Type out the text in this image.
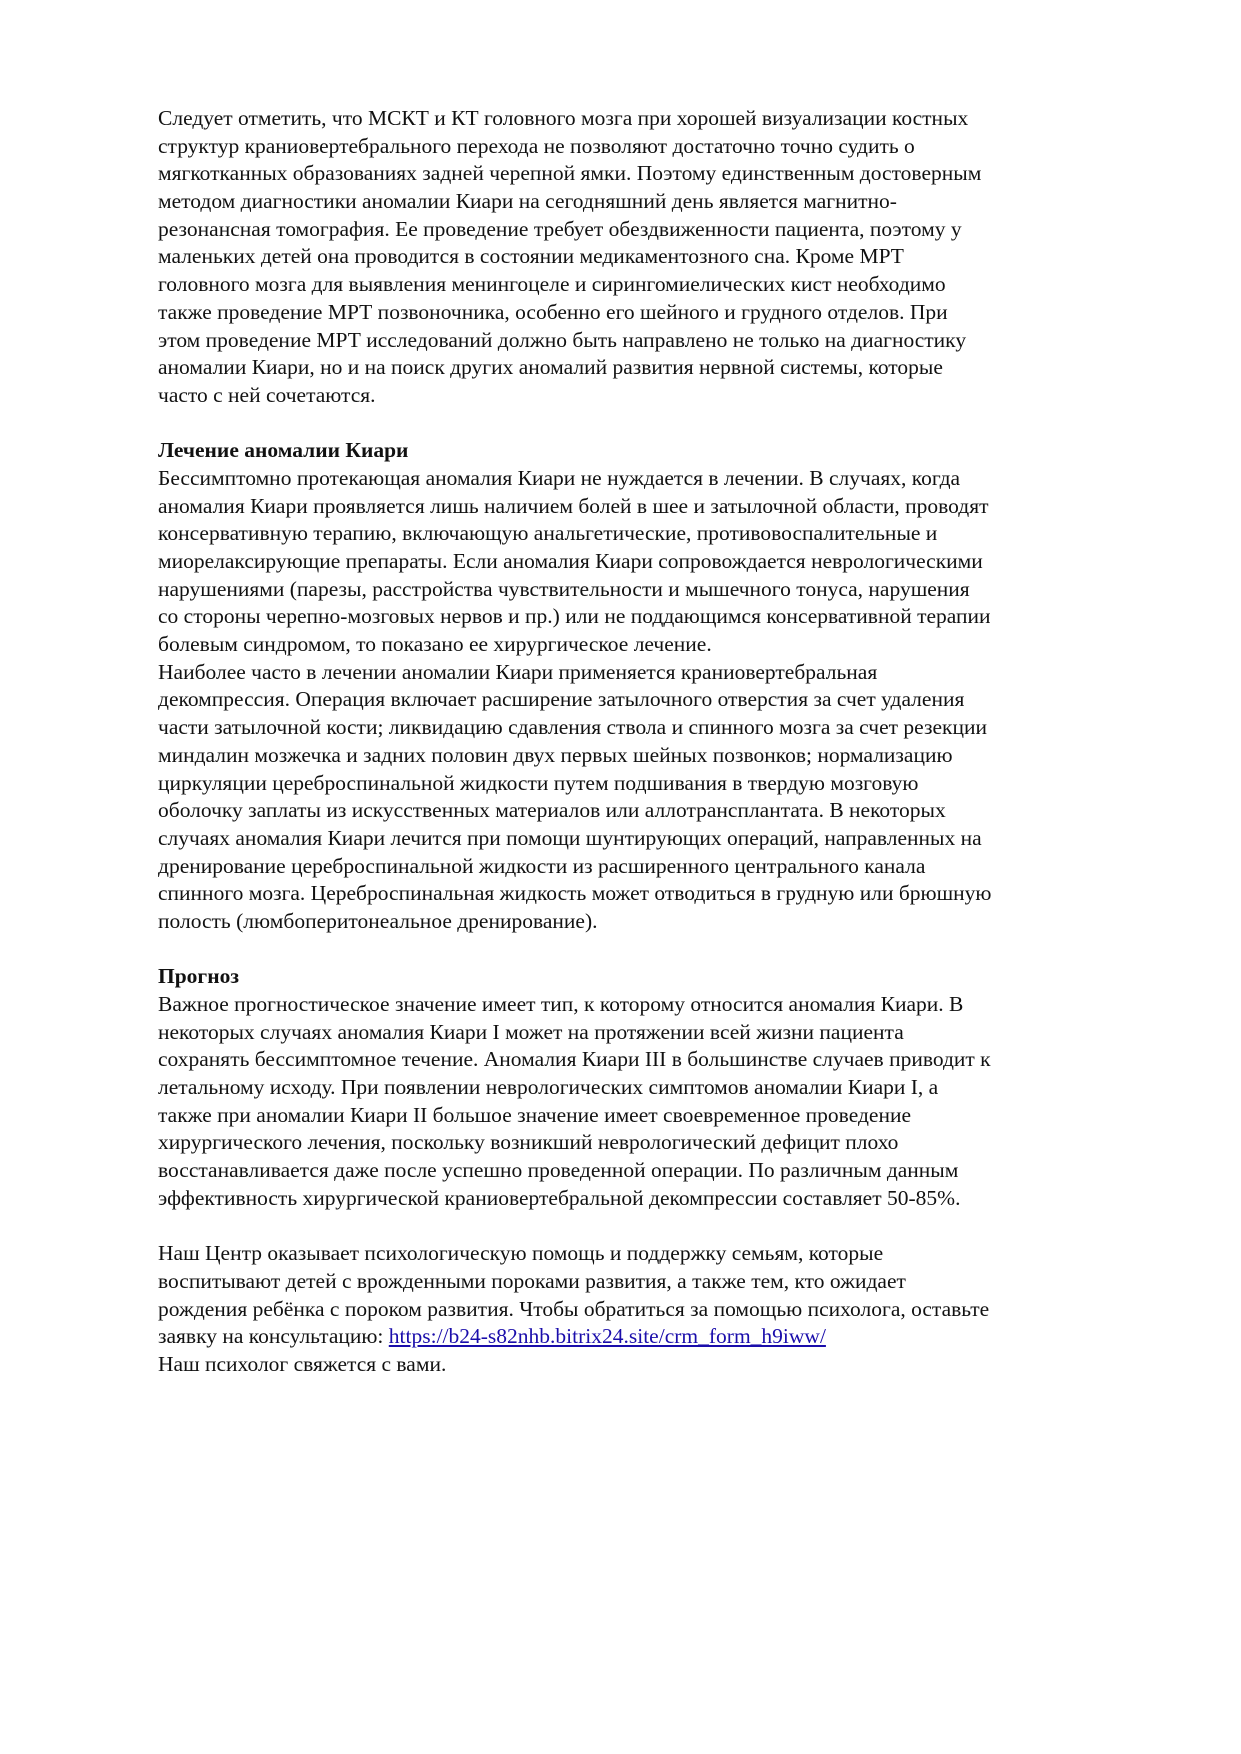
Следует отметить, что МСКТ и КТ головного мозга при хорошей визуализации костных
структур краниовертебрального перехода не позволяют достаточно точно судить о
мягкотканных образованиях задней черепной ямки. Поэтому единственным достоверным
методом диагностики аномалии Киари на сегодняшний день является магнитно-
резонансная томография. Ее проведение требует обездвиженности пациента, поэтому у
маленьких детей она проводится в состоянии медикаментозного сна. Кроме МРТ
головного мозга для выявления менингоцеле и сирингомиелических кист необходимо
также проведение МРТ позвоночника, особенно его шейного и грудного отделов. При
этом проведение МРТ исследований должно быть направлено не только на диагностику
аномалии Киари, но и на поиск других аномалий развития нервной системы, которые
часто с ней сочетаются.
Лечение аномалии Киари
Бессимптомно протекающая аномалия Киари не нуждается в лечении. В случаях, когда
аномалия Киари проявляется лишь наличием болей в шее и затылочной области, проводят
консервативную терапию, включающую анальгетические, противовоспалительные и
миорелаксирующие препараты. Если аномалия Киари сопровождается неврологическими
нарушениями (парезы, расстройства чувствительности и мышечного тонуса, нарушения
со стороны черепно-мозговых нервов и пр.) или не поддающимся консервативной терапии
болевым синдромом, то показано ее хирургическое лечение.
Наиболее часто в лечении аномалии Киари применяется краниовертебральная
декомпрессия. Операция включает расширение затылочного отверстия за счет удаления
части затылочной кости; ликвидацию сдавления ствола и спинного мозга за счет резекции
миндалин мозжечка и задних половин двух первых шейных позвонков; нормализацию
циркуляции цереброспинальной жидкости путем подшивания в твердую мозговую
оболочку заплаты из искусственных материалов или аллотрансплантата. В некоторых
случаях аномалия Киари лечится при помощи шунтирующих операций, направленных на
дренирование цереброспинальной жидкости из расширенного центрального канала
спинного мозга. Цереброспинальная жидкость может отводиться в грудную или брюшную
полость (люмбоперитонеальное дренирование).
Прогноз
Важное прогностическое значение имеет тип, к которому относится аномалия Киари. В
некоторых случаях аномалия Киари I может на протяжении всей жизни пациента
сохранять бессимптомное течение. Аномалия Киари III в большинстве случаев приводит к
летальному исходу. При появлении неврологических симптомов аномалии Киари I, а
также при аномалии Киари II большое значение имеет своевременное проведение
хирургического лечения, поскольку возникший неврологический дефицит плохо
восстанавливается даже после успешно проведенной операции. По различным данным
эффективность хирургической краниовертебральной декомпрессии составляет 50-85%.
Наш Центр оказывает психологическую помощь и поддержку семьям, которые
воспитывают детей с врожденными пороками развития, а также тем, кто ожидает
рождения ребёнка с пороком развития. Чтобы обратиться за помощью психолога, оставьте
заявку на консультацию: https://b24-s82nhb.bitrix24.site/crm_form_h9iww/
Наш психолог свяжется с вами.
